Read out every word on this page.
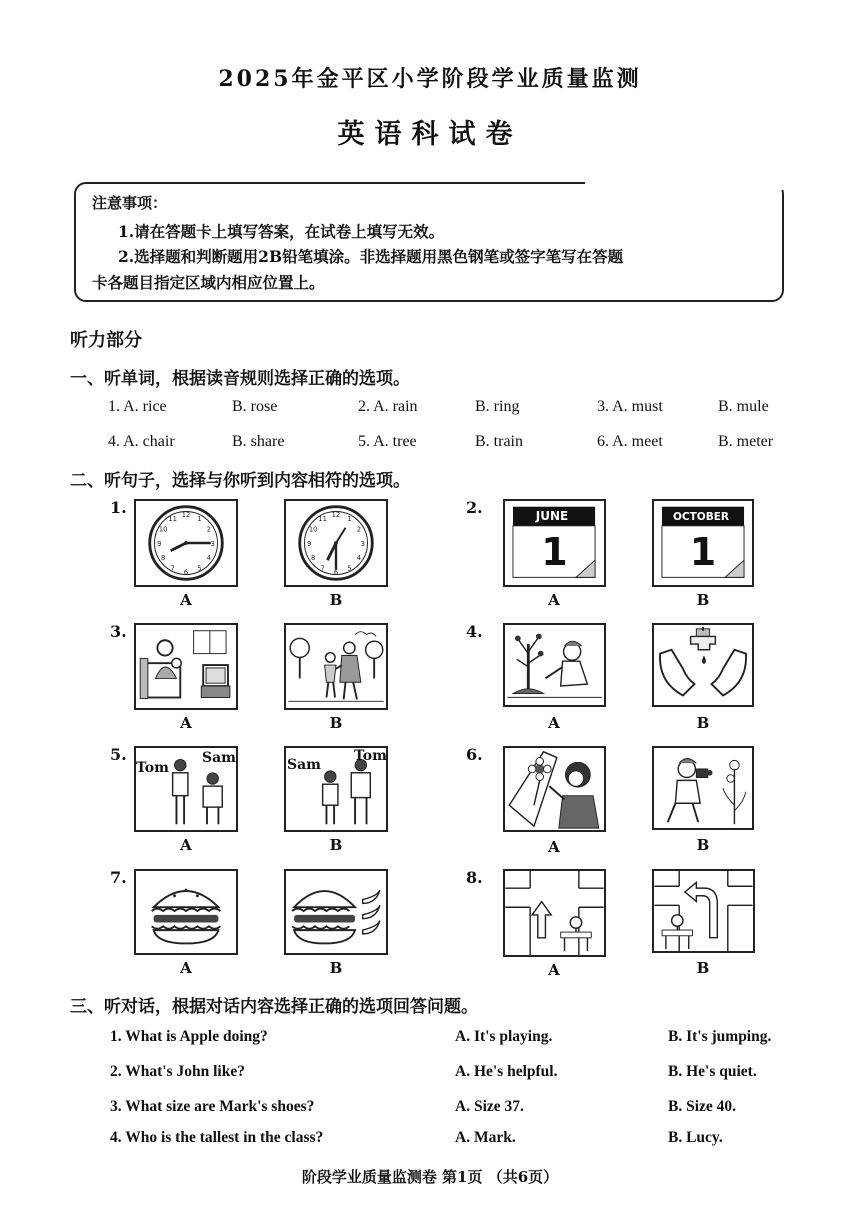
2025年金平区小学阶段学业质量监测
英语科试卷
注意事项：
1.请在答题卡上填写答案，在试卷上填写无效。
2.选择题和判断题用2B铅笔填涂。非选择题用黑色钢笔或签字笔写在答题
卡各题目指定区域内相应位置上。
听力部分
一、听单词，根据读音规则选择正确的选项。
1. A. rice	B. rose	2. A. rain	B. ring	3. A. must	B. mule
4. A. chair	B. share	5. A. tree	B. train	6. A. meet	B. meter
二、听句子，选择与你听到内容相符的选项。
1.	12
6
3
9
1
2
4
5
7
8
10
11	12
6
3
9
1
2
4
5
7
8
10
11
A	B
2.	JUNE
1
OCTOBER
1
A	B
3.
A	B
4.
A	B
5.
Tom
Sam	Sam
Tom
A	B
6.
A	B
7.
A	B
8.
A	B
三、听对话，根据对话内容选择正确的选项回答问题。
1. What is Apple doing?	A. It's playing.	B. It's jumping.
2. What's John like?	A. He's helpful.	B. He's quiet.
3. What size are Mark's shoes?	A. Size 37.	B. Size 40.
4. Who is the tallest in the class?	A. Mark.	B. Lucy.
阶段学业质量监测卷 第1页 （共6页）
